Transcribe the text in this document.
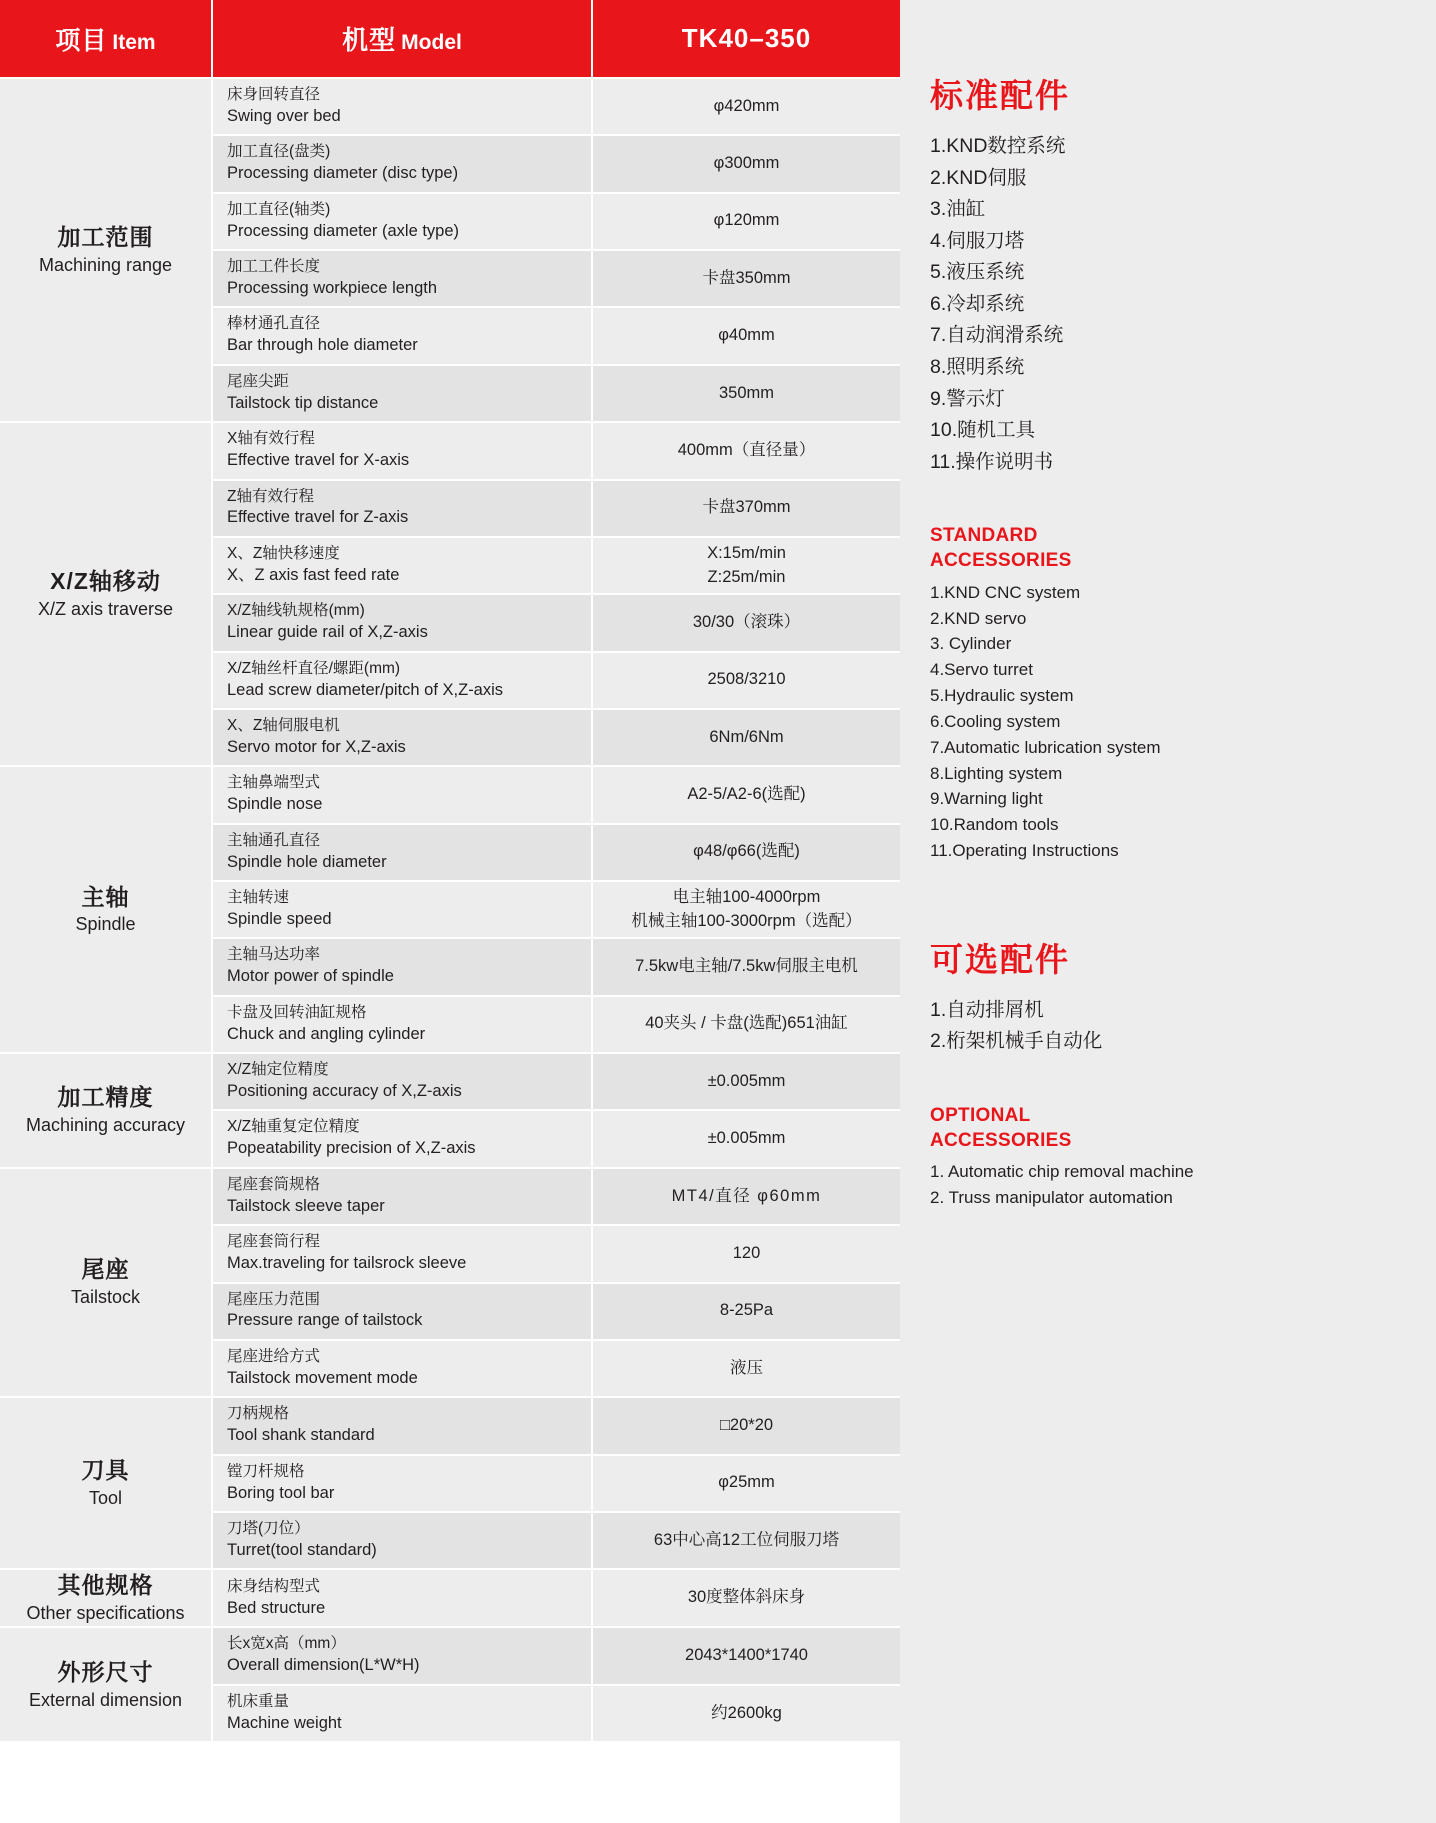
项目 Item	机型 Model	TK40–350

加工范围
Machining range	床身回转直径
Swing over bed	φ420mm

	加工直径(盘类)
Processing diameter (disc type)	φ300mm

	加工直径(轴类)
Processing diameter (axle type)	φ120mm

	加工工件长度
Processing workpiece length	卡盘350mm

	棒材通孔直径
Bar through hole diameter	φ40mm

	尾座尖距
Tailstock tip distance	350mm

X/Z轴移动
X/Z axis traverse	X轴有效行程
Effective travel for X-axis	400mm（直径量）

	Z轴有效行程
Effective travel for Z-axis	卡盘370mm

	X、Z轴快移速度
X、Z axis fast feed rate	X:15m/min
Z:25m/min

	X/Z轴线轨规格(mm)
Linear guide rail of X,Z-axis	30/30（滚珠）

	X/Z轴丝杆直径/螺距(mm)
Lead screw diameter/pitch of X,Z-axis	2508/3210

	X、Z轴伺服电机
Servo motor for X,Z-axis	6Nm/6Nm

主轴
Spindle	主轴鼻端型式
Spindle nose	A2-5/A2-6(选配)

	主轴通孔直径
Spindle hole diameter	φ48/φ66(选配)

	主轴转速
Spindle speed	电主轴100-4000rpm
机械主轴100-3000rpm（选配）

	主轴马达功率
Motor power of spindle	7.5kw电主轴/7.5kw伺服主电机

	卡盘及回转油缸规格
Chuck and angling cylinder	40夹头 / 卡盘(选配)651油缸

加工精度
Machining accuracy	X/Z轴定位精度
Positioning accuracy of X,Z-axis	±0.005mm

	X/Z轴重复定位精度
Popeatability precision of X,Z-axis	±0.005mm

尾座
Tailstock	尾座套筒规格
Tailstock sleeve taper	MT4/直径 φ60mm

	尾座套筒行程
Max.traveling for tailsrock sleeve	120

	尾座压力范围
Pressure range of tailstock	8-25Pa

	尾座进给方式
Tailstock movement mode	液压

刀具
Tool	刀柄规格
Tool shank standard	□20*20

	镗刀杆规格
Boring tool bar	φ25mm

	刀塔(刀位）
Turret(tool standard)	63中心高12工位伺服刀塔

其他规格
Other specifications	床身结构型式
Bed structure	30度整体斜床身

外形尺寸
External dimension	长x宽x高（mm）
Overall dimension(L*W*H)	2043*1400*1740

	机床重量
Machine weight	约2600kg
标准配件
1.KND数控系统
2.KND伺服
3.油缸
4.伺服刀塔
5.液压系统
6.冷却系统
7.自动润滑系统
8.照明系统
9.警示灯
10.随机工具
11.操作说明书
STANDARD
ACCESSORIES
1.KND CNC system
2.KND servo
3. Cylinder
4.Servo turret
5.Hydraulic system
6.Cooling system
7.Automatic lubrication system
8.Lighting system
9.Warning light
10.Random tools
11.Operating Instructions
可选配件
1.自动排屑机
2.桁架机械手自动化
OPTIONAL
ACCESSORIES
1. Automatic chip removal machine
2. Truss manipulator automation
